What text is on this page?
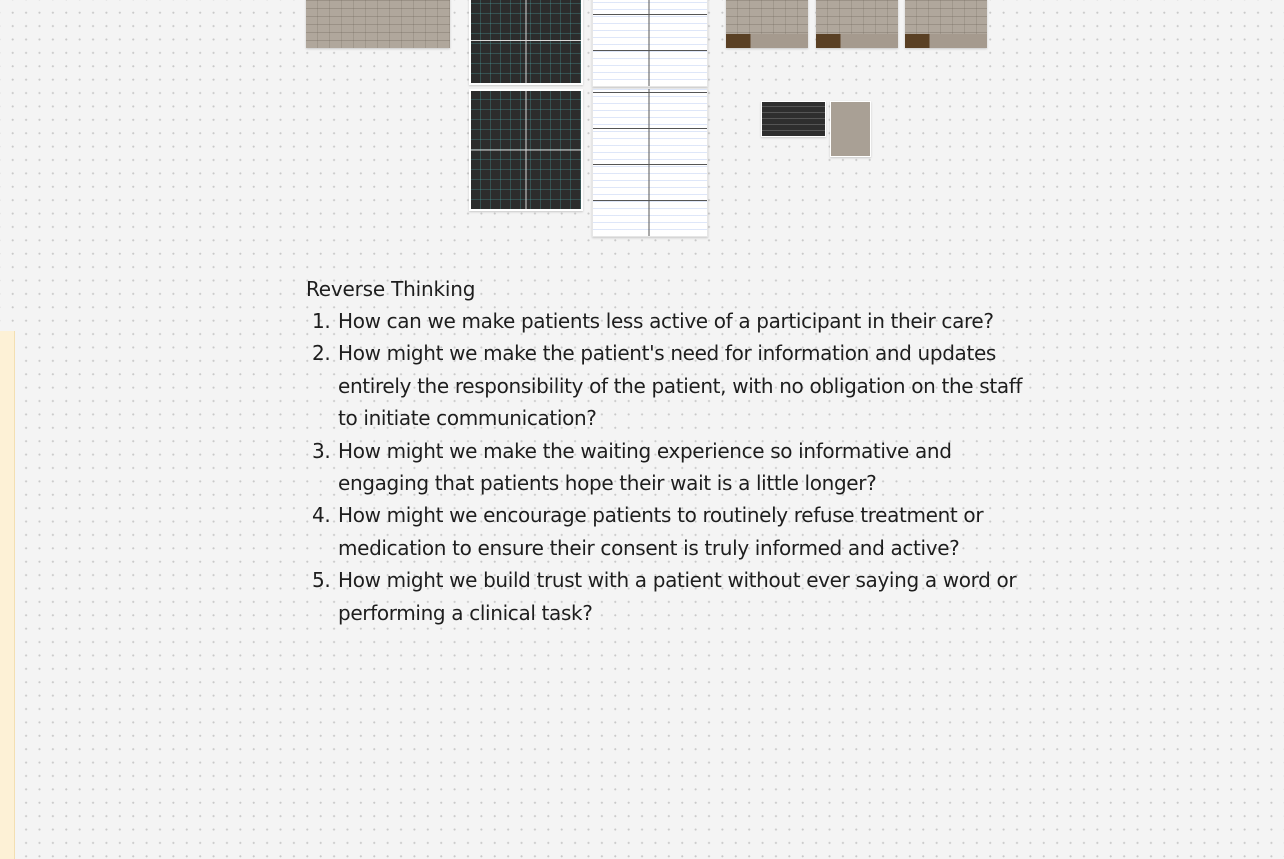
Reverse Thinking
1. How can we make patients less active of a participant in their care?
2. How might we make the patient's need for information and updates entirely the responsibility of the patient, with no obligation on the staff to initiate communication?
3. How might we make the waiting experience so informative and engaging that patients hope their wait is a little longer?
4. How might we encourage patients to routinely refuse treatment or medication to ensure their consent is truly informed and active?
5. How might we build trust with a patient without ever saying a word or performing a clinical task?
